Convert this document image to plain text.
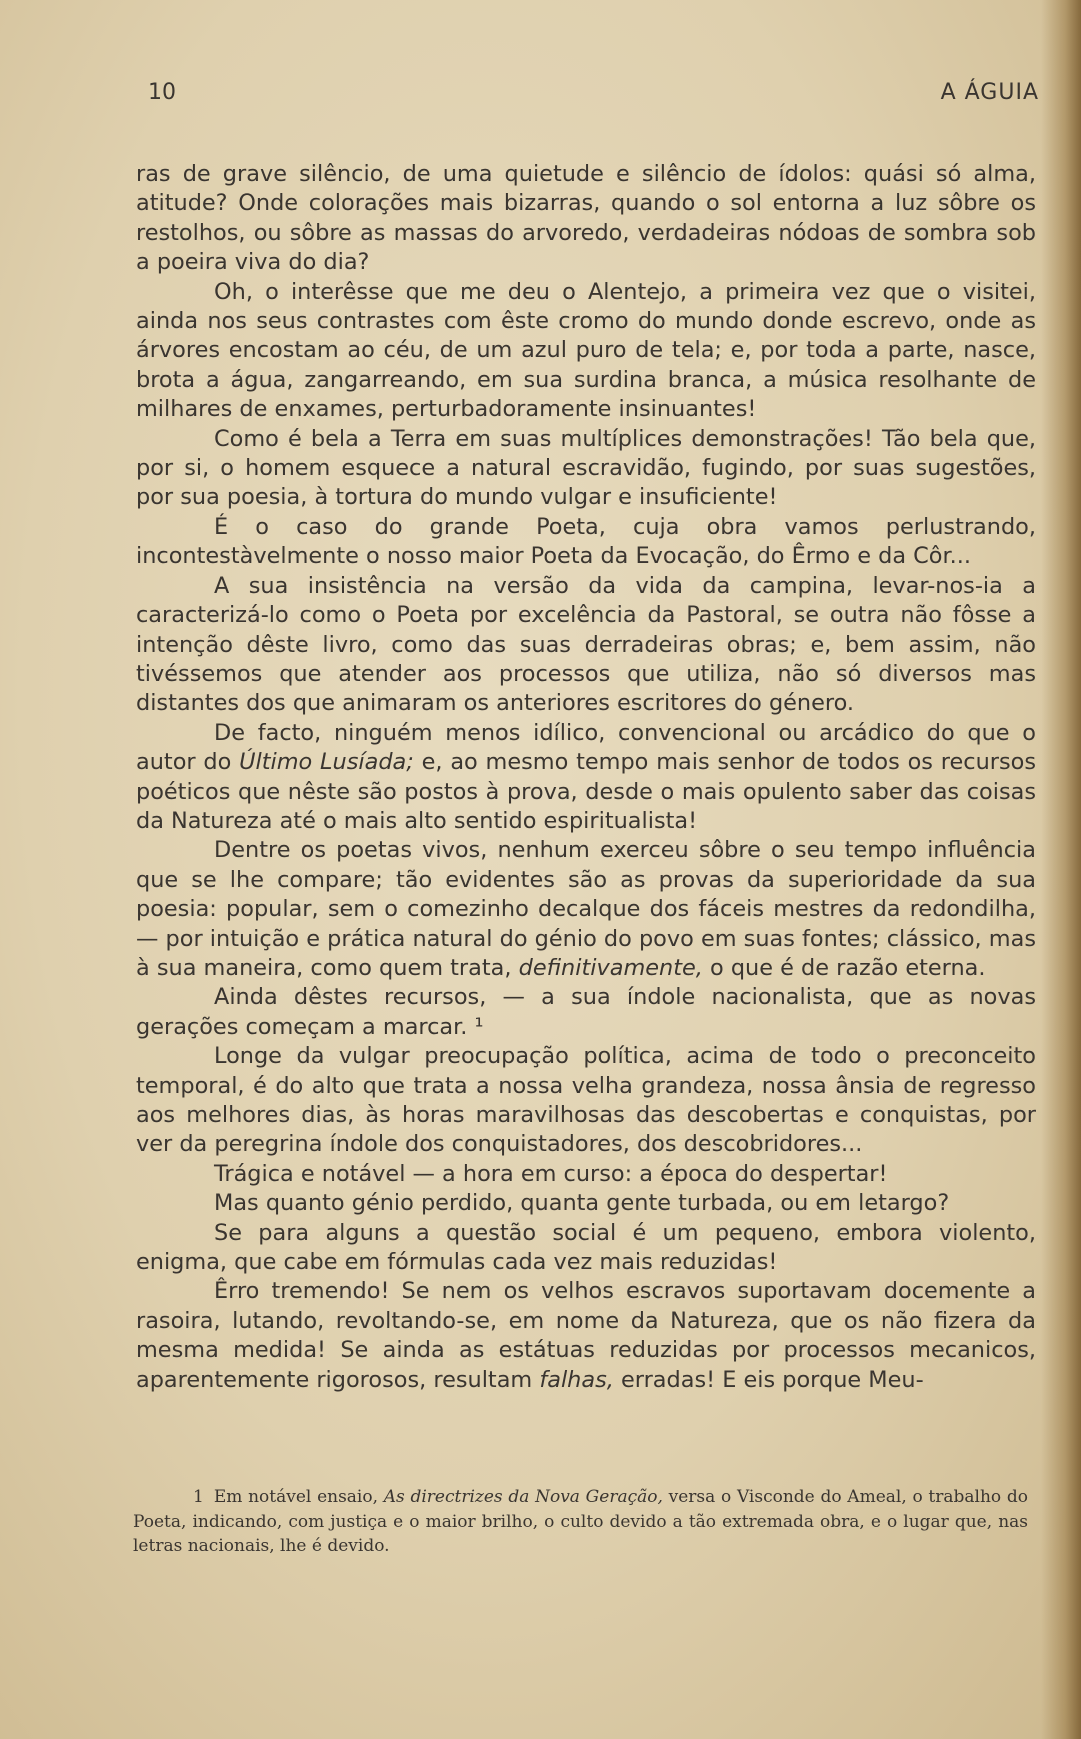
10	A ÁGUIA

ras de grave silêncio, de uma quietude e silêncio de ídolos: quási só alma, atitude? Onde colorações mais bizarras, quando o sol entorna a luz sôbre os restolhos, ou sôbre as massas do arvoredo, verdadeiras nódoas de sombra sob a poeira viva do dia?

Oh, o interêsse que me deu o Alentejo, a primeira vez que o visitei, ainda nos seus contrastes com êste cromo do mundo donde escrevo, onde as árvores encostam ao céu, de um azul puro de tela; e, por toda a parte, nasce, brota a água, zangarreando, em sua surdina branca, a música resolhante de milhares de enxames, perturbadoramente insinuantes!

Como é bela a Terra em suas multíplices demonstrações! Tão bela que, por si, o homem esquece a natural escravidão, fugindo, por suas sugestões, por sua poesia, à tortura do mundo vulgar e insuficiente!

É o caso do grande Poeta, cuja obra vamos perlustrando, incontestàvelmente o nosso maior Poeta da Evocação, do Êrmo e da Côr...

A sua insistência na versão da vida da campina, levar-nos-ia a caracterizá-lo como o Poeta por excelência da Pastoral, se outra não fôsse a intenção dêste livro, como das suas derradeiras obras; e, bem assim, não tivéssemos que atender aos processos que utiliza, não só diversos mas distantes dos que animaram os anteriores escritores do género.

De facto, ninguém menos idílico, convencional ou arcádico do que o autor do Último Lusíada; e, ao mesmo tempo mais senhor de todos os recursos poéticos que nêste são postos à prova, desde o mais opulento saber das coisas da Natureza até o mais alto sentido espiritualista!

Dentre os poetas vivos, nenhum exerceu sôbre o seu tempo influência que se lhe compare; tão evidentes são as provas da superioridade da sua poesia: popular, sem o comezinho decalque dos fáceis mestres da redondilha, — por intuição e prática natural do génio do povo em suas fontes; clássico, mas à sua maneira, como quem trata, definitivamente, o que é de razão eterna.

Ainda dêstes recursos, — a sua índole nacionalista, que as novas gerações começam a marcar. ¹

Longe da vulgar preocupação política, acima de todo o preconceito temporal, é do alto que trata a nossa velha grandeza, nossa ânsia de regresso aos melhores dias, às horas maravilhosas das descobertas e conquistas, por ver da peregrina índole dos conquistadores, dos descobridores...

Trágica e notável — a hora em curso: a época do despertar!

Mas quanto génio perdido, quanta gente turbada, ou em letargo?

Se para alguns a questão social é um pequeno, embora violento, enigma, que cabe em fórmulas cada vez mais reduzidas!

Êrro tremendo! Se nem os velhos escravos suportavam docemente a rasoira, lutando, revoltando-se, em nome da Natureza, que os não fizera da mesma medida! Se ainda as estátuas reduzidas por processos mecanicos, aparentemente rigorosos, resultam falhas, erradas! E eis porque Meu-

1 Em notável ensaio, As directrizes da Nova Geração, versa o Visconde do Ameal, o trabalho do Poeta, indicando, com justiça e o maior brilho, o culto devido a tão extremada obra, e o lugar que, nas letras nacionais, lhe é devido.
